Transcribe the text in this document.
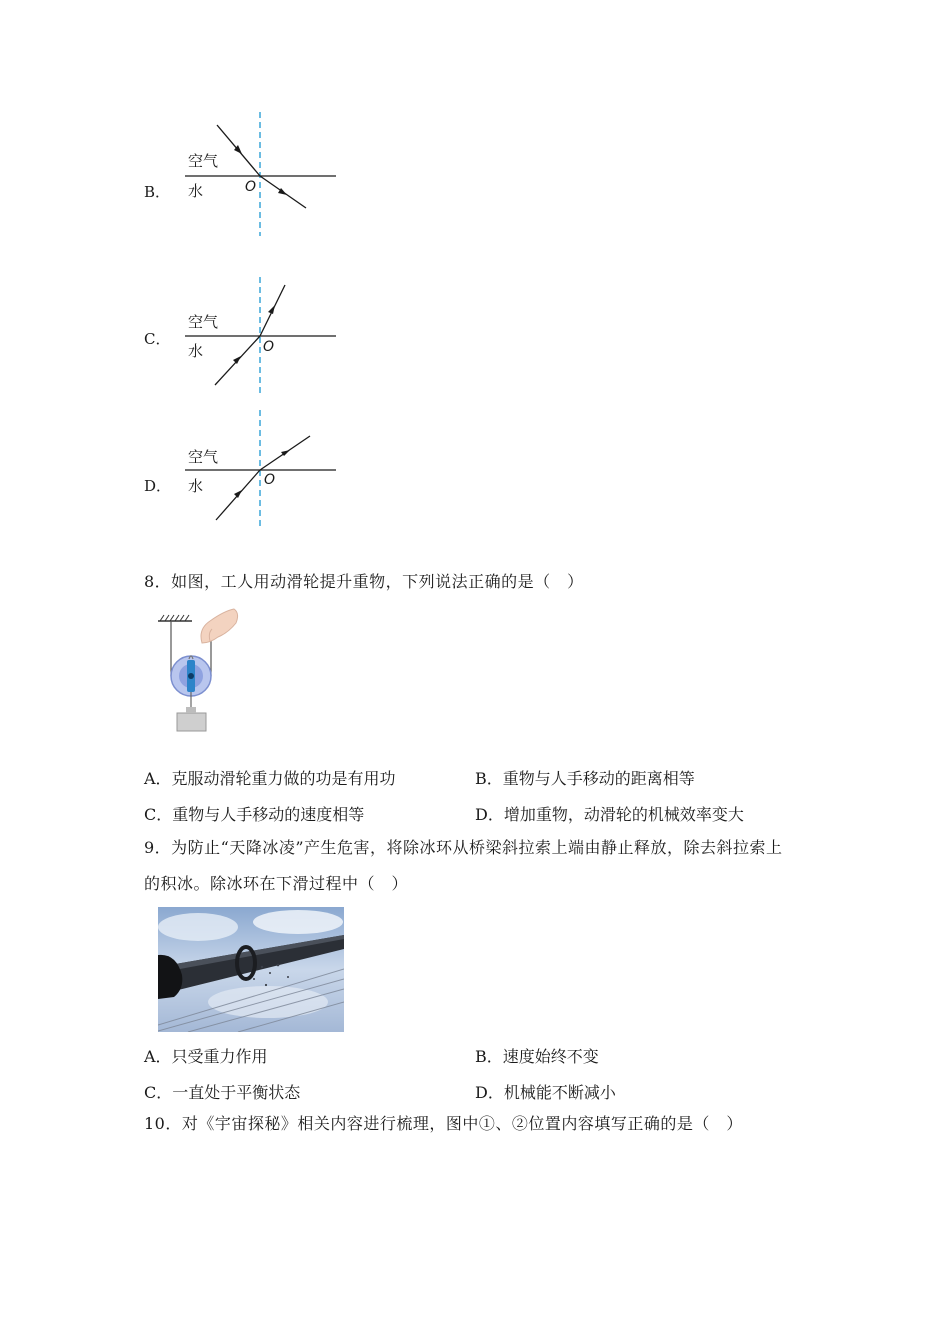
B．
空气
水	O
C．
空气
水	O
D．
空气
水	O
8．如图，工人用动滑轮提升重物，下列说法正确的是（　）
A．克服动滑轮重力做的功是有用功	B．重物与人手移动的距离相等
C．重物与人手移动的速度相等	D．增加重物，动滑轮的机械效率变大
9．为防止“天降冰凌”产生危害，将除冰环从桥梁斜拉索上端由静止释放，除去斜拉索上
的积冰。除冰环在下滑过程中（　）
A．只受重力作用	B．速度始终不变
C．一直处于平衡状态	D．机械能不断减小
10．对《宇宙探秘》相关内容进行梳理，图中①、②位置内容填写正确的是（　）
